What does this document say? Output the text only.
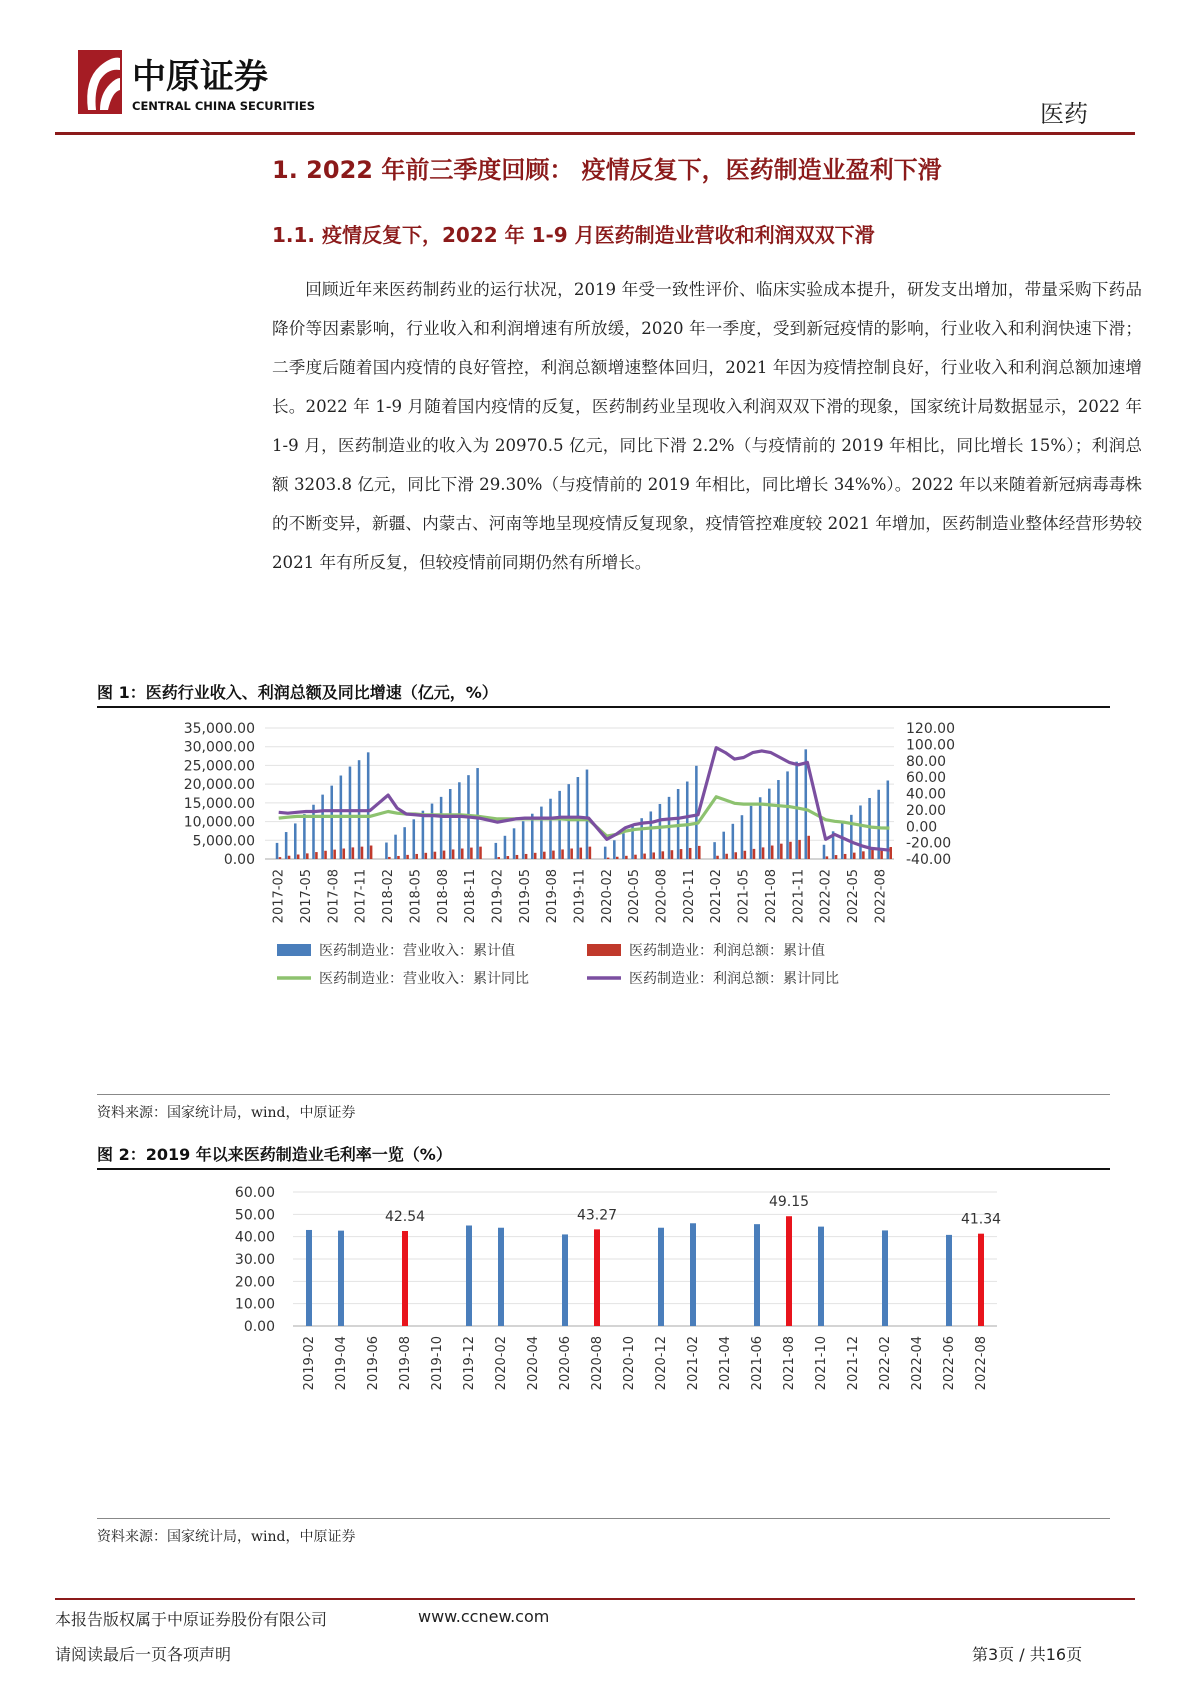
中原证券
CENTRAL CHINA SECURITIES	医药
1. 2022 年前三季度回顾： 疫情反复下，医药制造业盈利下滑
1.1. 疫情反复下，2022 年 1-9 月医药制造业营收和利润双双下滑

回顾近年来医药制药业的运行状况，2019 年受一致性评价、临床实验成本提升，研发支出增加，带量采购下药品降价等因素影响，行业收入和利润增速有所放缓，2020 年一季度，受到新冠疫情的影响，行业收入和利润快速下滑；二季度后随着国内疫情的良好管控，利润总额增速整体回归，2021 年因为疫情控制良好，行业收入和利润总额加速增长。2022 年 1-9 月随着国内疫情的反复，医药制药业呈现收入利润双双下滑的现象，国家统计局数据显示，2022 年 1-9 月，医药制造业的收入为 20970.5 亿元，同比下滑 2.2%（与疫情前的 2019 年相比，同比增长 15%）；利润总额 3203.8 亿元，同比下滑 29.30%（与疫情前的 2019 年相比，同比增长 34%%）。2022 年以来随着新冠病毒毒株的不断变异，新疆、内蒙古、河南等地呈现疫情反复现象，疫情管控难度较 2021 年增加，医药制造业整体经营形势较 2021 年有所反复，但较疫情前同期仍然有所增长。

图 1：医药行业收入、利润总额及同比增速（亿元，%）
0.00
5,000.00
10,000.00
15,000.00
20,000.00
25,000.00
30,000.00
35,000.00
-40.00
-20.00
0.00
20.00
40.00
60.00
80.00
100.00
120.00
2017-02 2017-05 2017-08 2017-11 2018-02 2018-05 2018-08 2018-11 2019-02 2019-05 2019-08 2019-11 2020-02 2020-05 2020-08 2020-11 2021-02 2021-05 2021-08 2021-11 2022-02 2022-05 2022-08
医药制造业：营业收入：累计值	医药制造业：利润总额：累计值
医药制造业：营业收入：累计同比	医药制造业：利润总额：累计同比
资料来源：国家统计局，wind，中原证券
图 2：2019 年以来医药制造业毛利率一览（%）
0.00
10.00
20.00
30.00
40.00
50.00
60.00
42.54	43.27
49.15
41.34
2019-02 2019-04 2019-06 2019-08 2019-10 2019-12 2020-02 2020-04 2020-06 2020-08 2020-10 2020-12 2021-02 2021-04 2021-06 2021-08 2021-10 2021-12 2022-02 2022-04 2022-06 2022-08
资料来源：国家统计局，wind，中原证券
本报告版权属于中原证券股份有限公司	www.ccnew.com
请阅读最后一页各项声明	第3页 / 共16页
